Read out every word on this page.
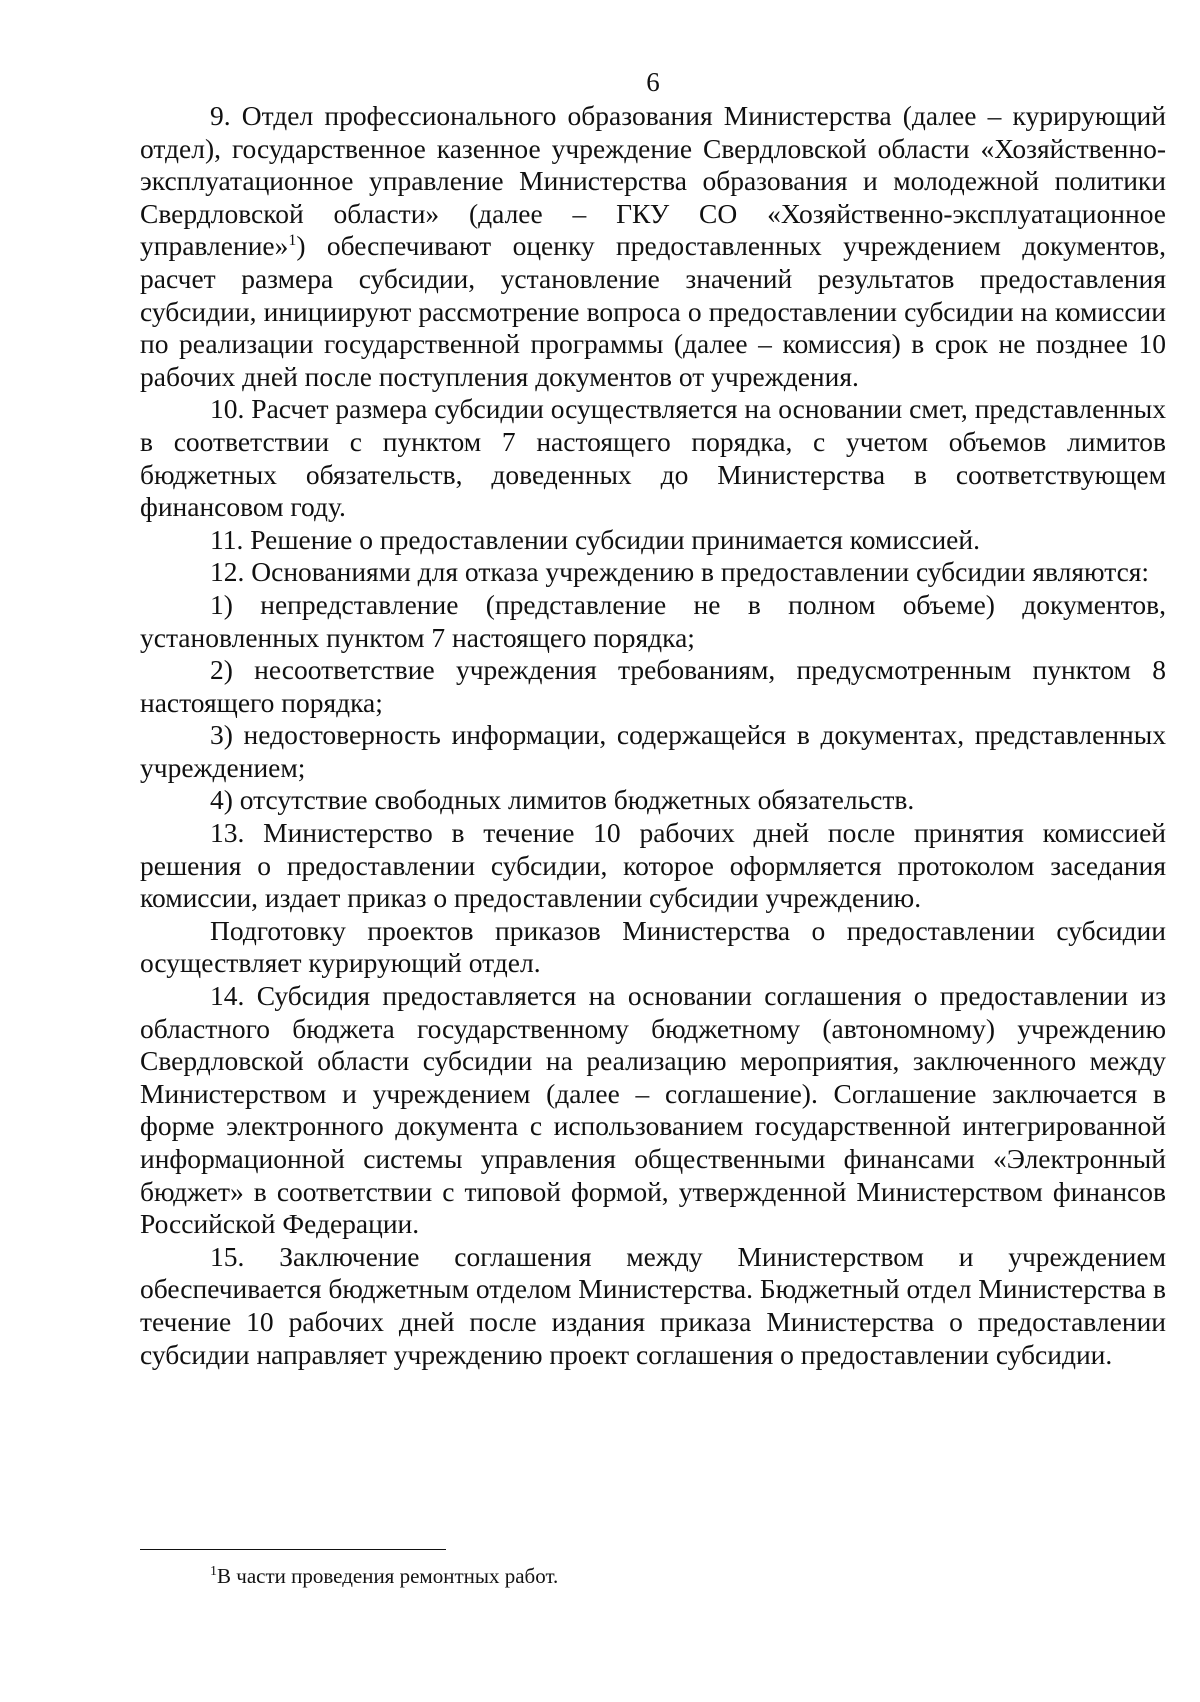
6

9. Отдел профессионального образования Министерства (далее – курирующий отдел), государственное казенное учреждение Свердловской области «Хозяйственно-эксплуатационное управление Министерства образования и молодежной политики Свердловской области» (далее – ГКУ СО «Хозяйственно-эксплуатационное управление»$^1$) обеспечивают оценку предоставленных учреждением документов, расчет размера субсидии, установление значений результатов предоставления субсидии, инициируют рассмотрение вопроса о предоставлении субсидии на комиссии по реализации государственной программы (далее – комиссия) в срок не позднее 10 рабочих дней после поступления документов от учреждения.

10. Расчет размера субсидии осуществляется на основании смет, представленных в соответствии с пунктом 7 настоящего порядка, с учетом объемов лимитов бюджетных обязательств, доведенных до Министерства в соответствующем финансовом году.

11. Решение о предоставлении субсидии принимается комиссией.

12. Основаниями для отказа учреждению в предоставлении субсидии являются:

1) непредставление (представление не в полном объеме) документов, установленных пунктом 7 настоящего порядка;

2) несоответствие учреждения требованиям, предусмотренным пунктом 8 настоящего порядка;

3) недостоверность информации, содержащейся в документах, представленных учреждением;

4) отсутствие свободных лимитов бюджетных обязательств.

13. Министерство в течение 10 рабочих дней после принятия комиссией решения о предоставлении субсидии, которое оформляется протоколом заседания комиссии, издает приказ о предоставлении субсидии учреждению.

Подготовку проектов приказов Министерства о предоставлении субсидии осуществляет курирующий отдел.

14. Субсидия предоставляется на основании соглашения о предоставлении из областного бюджета государственному бюджетному (автономному) учреждению Свердловской области субсидии на реализацию мероприятия, заключенного между Министерством и учреждением (далее – соглашение). Соглашение заключается в форме электронного документа с использованием государственной интегрированной информационной системы управления общественными финансами «Электронный бюджет» в соответствии с типовой формой, утвержденной Министерством финансов Российской Федерации.

15. Заключение соглашения между Министерством и учреждением обеспечивается бюджетным отделом Министерства. Бюджетный отдел Министерства в течение 10 рабочих дней после издания приказа Министерства о предоставлении субсидии направляет учреждению проект соглашения о предоставлении субсидии.

$^1$В части проведения ремонтных работ.
